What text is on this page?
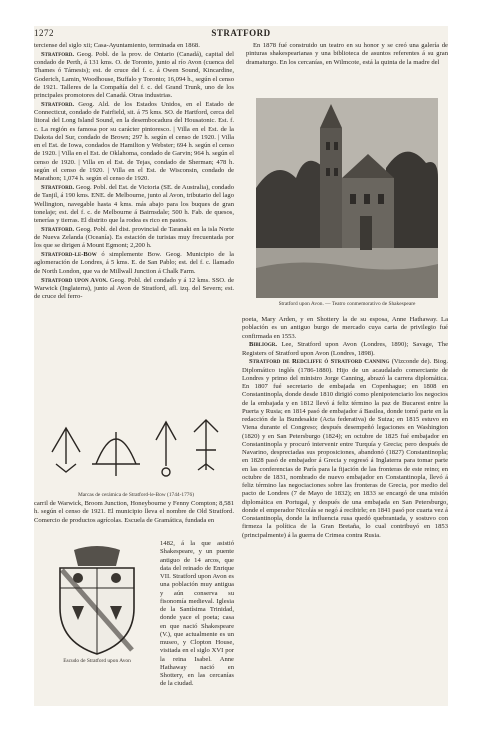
1272	STRATFORD

terciense del siglo xii; Casa-Ayuntamiento, terminada en 1868.

Stratford. Geog. Pobl. de la prov. de Ontario (Canadá), capital del condado de Perth, á 131 kms. O. de Toronto, junto al río Avon (cuenca del Thames ó Támesis); est. de cruce del f. c. á Owen Sound, Kincardine, Goderich, Lamin, Woodhouse, Buffalo y Toronto; 16,094 h., según el censo de 1921. Talleres de la Compañía del f. c. del Grand Trunk, uno de los principales promotores del Canadá. Otras industrias.

Stratford. Geog. Ald. de los Estados Unidos, en el Estado de Connecticut, condado de Fairfield, sit. á 75 kms. SO. de Hartford, cerca del litoral del Long Island Sound, en la desembocadura del Housatonic. Est. f. c. La región es famosa por su carácter pintoresco. | Villa en el Est. de la Dakota del Sur, condado de Brown; 297 h. según el censo de 1920. | Villa en el Est. de Iowa, condados de Hamilton y Webster; 694 h. según el censo de 1920. | Villa en el Est. de Oklahoma, condado de Garvin; 964 h. según el censo de 1920. | Villa en el Est. de Tejas, condado de Sherman; 478 h. según el censo de 1920. | Villa en el Est. de Wisconsin, condado de Marathon; 1,074 h. según el censo de 1920.

Stratford. Geog. Pobl. del Est. de Victoria (SE. de Australia), condado de Tanjil, á 190 kms. ENE. de Melbourne, junto al Avon, tributario del lago Wellington, navegable hasta 4 kms. más abajo para los buques de gran tonelaje; est. del f. c. de Melbourne á Bairnsdale; 500 h. Fab. de quesos, tenerías y tierras. El distrito que la rodea es rico en pastos.

Stratford. Geog. Pobl. del dist. provincial de Taranaki en la isla Norte de Nueva Zelanda (Oceanía). Es estación de turistas muy frecuentada por los que se dirigen á Mount Egmont; 2,200 h.

Stratford-le-Bow ó simplemente Bow. Geog. Municipio de la aglomeración de Londres, á 5 kms. E. de San Pablo; est. del f. c. llamado de North London, que va de Millwall Junction á Chalk Farm.

Stratford upon Avon. Geog. Pobl. del condado y á 12 kms. SSO. de Warwick (Inglaterra), junto al Avon de Stratford, afl. izq. del Severn; est. de cruce del ferro-

En 1878 fué construido un teatro en su honor y se creó una galería de pinturas shakespearianas y una biblioteca de asuntos referentes á su gran dramaturgo. En los cercanías, en Wilmcote, está la quinta de la madre del

Stratford upon Avon. — Teatro conmemorativo de Shakespeare
Marcas de cerámica de Stratford-le-Bow (1744-1776)

carril de Warwick, Broom Junction, Honeybourne y Fenny Compton; 8,581 h. según el censo de 1921. El municipio lleva el nombre de Old Stratford. Comercio de productos agrícolas. Escuela de Gramática, fundada en

Escudo de Stratford upon Avon

1482, á la que asistió Shakespeare, y un puente antiguo de 14 arcos, que data del reinado de Enrique VII. Stratford upon Avon es una población muy antigua y aún conserva su fisonomía medieval. Iglesia de la Santísima Trinidad, donde yace el poeta; casa en que nació Shakespeare (V.), que actualmente es un museo, y Clopton House, visitada en el siglo XVI por la reina Isabel. Anne Hathaway nació en Shottery, en las cercanías de la ciudad.

poeta, Mary Arden, y en Shottery la de su esposa, Anne Hathaway. La población es un antiguo burgo de mercado cuya carta de privilegio fué confirmada en 1553.

Bibliogr. Lee, Stratford upon Avon (Londres, 1890); Savage, The Registers of Stratford upon Avon (Londres, 1898).

Stratford de Redcliffe ó Stratford Canning (Vizconde de). Biog. Diplomático inglés (1786-1880). Hijo de un acaudalado comerciante de Londres y primo del ministro Jorge Canning, abrazó la carrera diplomática. En 1807 fué secretario de embajada en Copenhague; en 1808 en Constantinopla, donde desde 1810 dirigió como plenipotenciario los negocios de la embajada y en 1812 llevó á feliz término la paz de Bucarest entre la Puerta y Rusia; en 1814 pasó de embajador á Basilea, donde tomó parte en la redacción de la Bundesakte (Acta federativa) de Suiza; en 1815 estuvo en Viena durante el Congreso; después desempeñó legaciones en Washington (1820) y en San Petersburgo (1824); en octubre de 1825 fué embajador en Constantinopla y procuró intervenir entre Turquía y Grecia; pero después de Navarino, despreciadas sus proposiciones, abandonó (1827) Constantinopla; en 1828 pasó de embajador á Grecia y regresó á Inglaterra para tomar parte en las conferencias de París para la fijación de las fronteras de este reino; en octubre de 1831, nombrado de nuevo embajador en Constantinopla, llevó á feliz término las negociaciones sobre las fronteras de Grecia, por medio del pacto de Londres (7 de Mayo de 1832); en 1833 se encargó de una misión diplomática en Portugal, y después de una embajada en San Petersburgo, donde el emperador Nicolás se negó á recibirle; en 1841 pasó por cuarta vez á Constantinopla, donde la influencia rusa quedó quebrantada, y sostuvo con firmeza la política de la Gran Bretaña, lo cual contribuyó en 1853 (principalmente) á la guerra de Crimea contra Rusia.
